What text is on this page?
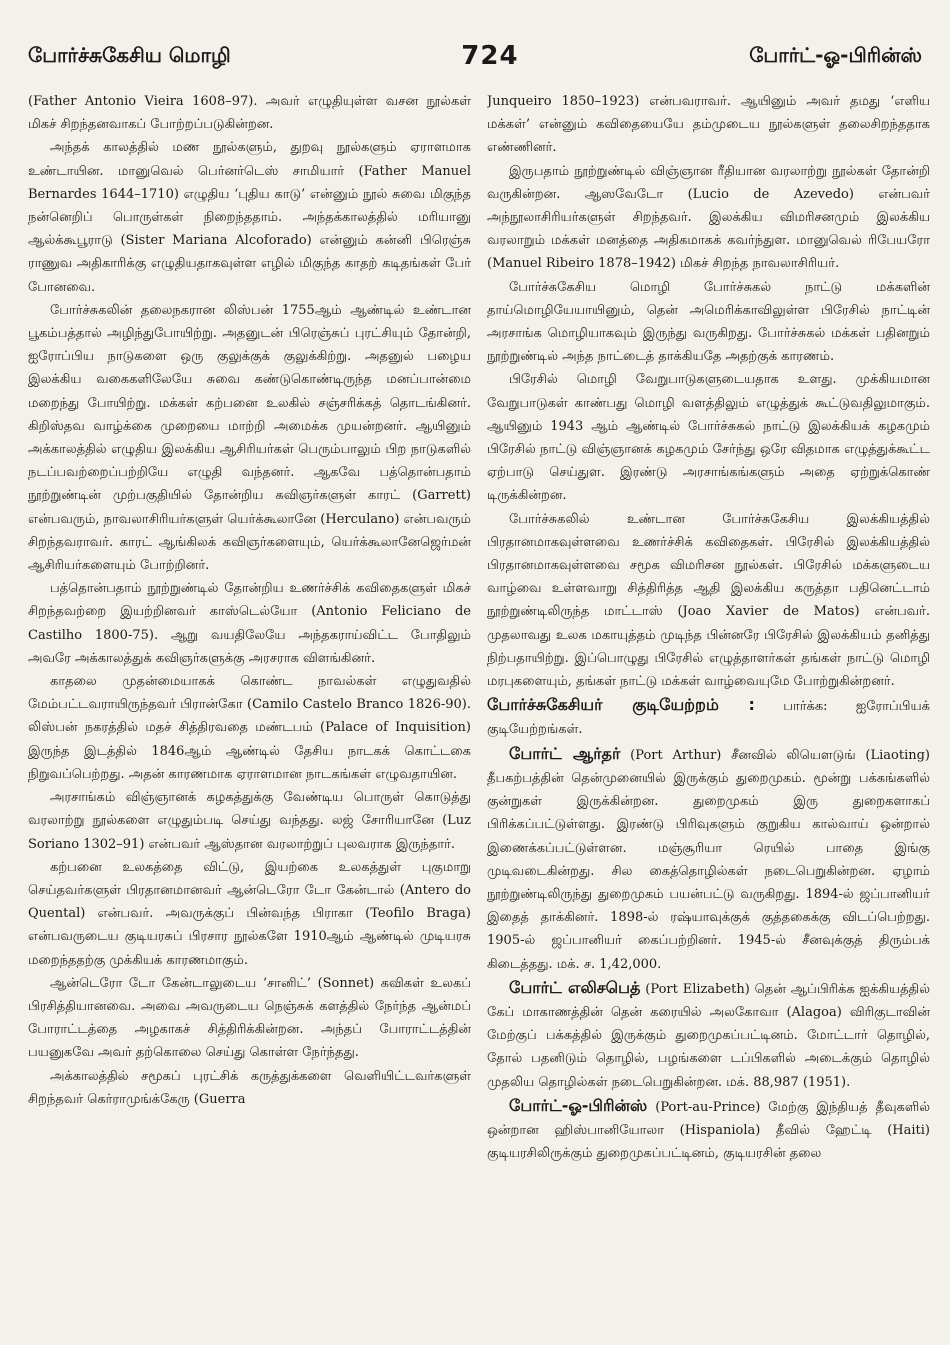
போர்ச்சுகேசிய மொழி	724	போர்ட்-ஓ-பிரின்ஸ்

(Father Antonio Vieira 1608–97). அவர் எழுதியுள்ள வசன நூல்கள் மிகச் சிறந்தனவாகப் போற்றப்படுகின்றன.

அந்தக் காலத்தில் மண நூல்களும், துறவு நூல்களும் ஏராளமாக உண்டாயின. மானுவெல் பெர்னர்டெஸ் சாமியார் (Father Manuel Bernardes 1644–1710) எழுதிய ‘புதிய காடு’ என்னும் நூல் சுவை மிகுந்த நன்னெறிப் பொருள்கள் நிறைந்ததாம். அந்தக்காலத்தில் மரியானு ஆல்க்கூபூராடு (Sister Mariana Alcoforado) என்னும் கன்னி பிரெஞ்சு ராணுவ அதிகாரிக்கு எழுதியதாகவுள்ள எழில் மிகுந்த காதற் கடிதங்கள் பேர் போனவை.

போர்ச்சுகலின் தலைநகரான லிஸ்பன் 1755ஆம் ஆண்டில் உண்டான பூகம்பத்தால் அழிந்துபோயிற்று. அதனுடன் பிரெஞ்சுப் புரட்சியும் தோன்றி, ஐரோப்பிய நாடுகளை ஒரு குலுக்குக் குலுக்கிற்று. அதனுல் பழைய இலக்கிய வகைகளிலேயே சுவை கண்டுகொண்டிருந்த மனப்பான்மை மறைந்து போயிற்று. மக்கள் கற்பனை உலகில் சஞ்சரிக்கத் தொடங்கினர். கிறிஸ்தவ வாழ்க்கை முறையை மாற்றி அமைக்க முயன்றனர். ஆயினும் அக்காலத்தில் எழுதிய இலக்கிய ஆசிரியர்கள் பெரும்பாலும் பிற நாடுகளில் நடப்பவற்றைப்பற்றியே எழுதி வந்தனர். ஆகவே பத்தொன்பதாம் நூற்றுண்டின் முற்பகுதியில் தோன்றிய கவிஞர்களுள் காரட் (Garrett) என்பவரும், நாவலாசிரியர்களுள் யெர்க்கூலானே (Herculano) என்பவரும் சிறந்தவராவர். காரட் ஆங்கிலக் கவிஞர்களையும், யெர்க்கூலானேஜெர்மன் ஆசிரியர்களையும் போற்றினர்.

பத்தொன்பதாம் நூற்றுண்டில் தோன்றிய உணர்ச்சிக் கவிதைகளுள் மிகச் சிறந்தவற்றை இயற்றினவர் காஸ்டெல்யோ (Antonio Feliciano de Castilho 1800-75). ஆறு வயதிலேயே அந்தகராய்விட்ட போதிலும் அவரே அக்காலத்துக் கவிஞர்களுக்கு அரசராக விளங்கினர்.

காதலை முதன்மையாகக் கொண்ட நாவல்கள் எழுதுவதில் மேம்பட்டவராயிருந்தவர் பிரான்கோ (Camilo Castelo Branco 1826-90). லிஸ்பன் நகரத்தில் மதச் சித்திரவதை மண்டபம் (Palace of Inquisition) இருந்த இடத்தில் 1846ஆம் ஆண்டில் தேசிய நாடகக் கொட்டகை நிறுவப்பெற்றது. அதன் காரணமாக ஏராளமான நாடகங்கள் எழுவதாயின.

அரசாங்கம் விஞ்ஞானக் கழகத்துக்கு வேண்டிய பொருள் கொடுத்து வரலாற்று நூல்களை எழுதும்படி செய்து வந்தது. லஜ் சோரியானே (Luz Soriano 1302–91) என்பவர் ஆஸ்தான வரலாற்றுப் புலவராக இருந்தார்.

கற்பனை உலகத்தை விட்டு, இயற்கை உலகத்துள் புகுமாறு செய்தவர்களுள் பிரதானமானவர் ஆன்டெரோ டோ கேன்டால் (Antero do Quental) என்பவர். அவருக்குப் பின்வந்த பிராகா (Teofilo Braga) என்பவருடைய குடியரசுப் பிரசார நூல்களே 1910ஆம் ஆண்டில் முடியரசு மறைந்ததற்கு முக்கியக் காரணமாகும்.

ஆன்டெரோ டோ கேன்டாலுடைய ‘சானிட்’ (Sonnet) கவிகள் உலகப் பிரசித்தியானவை. அவை அவருடைய நெஞ்சுக் களத்தில் நேர்ந்த ஆன்மப் போராட்டத்தை அழகாகச் சித்திரிக்கின்றன. அந்தப் போராட்டத்தின் பயனுகவே அவர் தற்கொலை செய்து கொள்ள நேர்ந்தது.

அக்காலத்தில் சமூகப் புரட்சிக் கருத்துக்களை வெளியிட்டவர்களுள் சிறந்தவர் கெர்ராமுங்க்கேரு (Guerra

Junqueiro 1850–1923) என்பவராவர். ஆயினும் அவர் தமது ‘எளிய மக்கள்’ என்னும் கவிதையையே தம்முடைய நூல்களுள் தலைசிறந்ததாக எண்ணினர்.

இருபதாம் நூற்றுண்டில் விஞ்ஞான ரீதியான வரலாற்று நூல்கள் தோன்றி வருகின்றன. ஆஸவேடோ (Lucio de Azevedo) என்பவர் அந்நூலாசிரியர்களுள் சிறந்தவர். இலக்கிய விமரிசனமும் இலக்கிய வரலாறும் மக்கள் மனத்தை அதிகமாகக் கவர்ந்துள. மானுவெல் ரிபேயரோ (Manuel Ribeiro 1878–1942) மிகச் சிறந்த நாவலாசிரியர்.

போர்ச்சுகேசிய மொழி போர்ச்சுகல் நாட்டு மக்களின் தாய்மொழியேயாயினும், தென் அமெரிக்காவிலுள்ள பிரேசில் நாட்டின் அரசாங்க மொழியாகவும் இருந்து வருகிறது. போர்ச்சுகல் மக்கள் பதினறும் நூற்றுண்டில் அந்த நாட்டைத் தாக்கியதே அதற்குக் காரணம்.

பிரேசில் மொழி வேறுபாடுகளுடையதாக உளது. முக்கியமான வேறுபாடுகள் காண்பது மொழி வளத்திலும் எழுத்துக் கூட்டுவதிலுமாகும். ஆயினும் 1943 ஆம் ஆண்டில் போர்ச்சுகல் நாட்டு இலக்கியக் கழகமும் பிரேசில் நாட்டு விஞ்ஞானக் கழகமும் சேர்ந்து ஒரே விதமாக எழுத்துக்கூட்ட ஏற்பாடு செய்துள. இரண்டு அரசாங்கங்களும் அதை ஏற்றுக்கொண் டிருக்கின்றன.

போர்ச்சுகலில் உண்டான போர்ச்சுகேசிய இலக்கியத்தில் பிரதானமாகவுள்ளவை உணர்ச்சிக் கவிதைகள். பிரேசில் இலக்கியத்தில் பிரதானமாகவுள்ளவை சமூக விமரிசன நூல்கள். பிரேசில் மக்களுடைய வாழ்வை உள்ளவாறு சித்திரித்த ஆதி இலக்கிய கருத்தா பதினெட்டாம் நூற்றுண்டிலிருந்த மாட்டாஸ் (Joao Xavier de Matos) என்பவர். முதலாவது உலக மகாயுத்தம் முடிந்த பின்னரே பிரேசில் இலக்கியம் தனித்து நிற்பதாயிற்று. இப்பொழுது பிரேசில் எழுத்தாளர்கள் தங்கள் நாட்டு மொழி மரபுகளையும், தங்கள் நாட்டு மக்கள் வாழ்வையுமே போற்றுகின்றனர்.

போர்ச்சுகேசியர் குடியேற்றம் : பார்க்க: ஐரோப்பியக் குடியேற்றங்கள்.

போர்ட் ஆர்தர் (Port Arthur) சீனவில் லியௌடுங் (Liaoting) தீபகற்பத்தின் தென்முனையில் இருக்கும் துறைமுகம். மூன்று பக்கங்களில் குன்றுகள் இருக்கின்றன. துறைமுகம் இரு துறைகளாகப் பிரிக்கப்பட்டுள்ளது. இரண்டு பிரிவுகளும் குறுகிய கால்வாய் ஒன்றால் இணைக்கப்பட்டுள்ளன. மஞ்சூரியா ரெயில் பாதை இங்கு முடிவடைகின்றது. சில கைத்தொழில்கள் நடைபெறுகின்றன. ஏழாம் நூற்றுண்டிலிருந்து துறைமுகம் பயன்பட்டு வருகிறது. 1894-ல் ஜப்பானியர் இதைத் தாக்கினர். 1898-ல் ரஷ்யாவுக்குக் குத்தகைக்கு விடப்பெற்றது. 1905-ல் ஜப்பானியர் கைப்பற்றினர். 1945-ல் சீனவுக்குத் திரும்பக் கிடைத்தது. மக். ச. 1,42,000.

போர்ட் எலிசபெத் (Port Elizabeth) தென் ஆப்பிரிக்க ஐக்கியத்தில் கேப் மாகாணத்தின் தென் கரையில் அலகோவா (Alagoa) விரிகுடாவின் மேற்குப் பக்கத்தில் இருக்கும் துறைமுகப்பட்டினம். மோட்டார் தொழில், தோல் பதனிடும் தொழில், பழங்களை டப்பிகளில் அடைக்கும் தொழில் முதலிய தொழில்கள் நடைபெறுகின்றன. மக். 88,987 (1951).

போர்ட்-ஓ-பிரின்ஸ் (Port-au-Prince) மேற்கு இந்தியத் தீவுகளில் ஒன்றான ஹிஸ்பானியோலா (Hispaniola) தீவில் ஹேட்டி (Haiti) குடியரசிலிருக்கும் துறைமுகப்பட்டினம், குடியரசின் தலை
